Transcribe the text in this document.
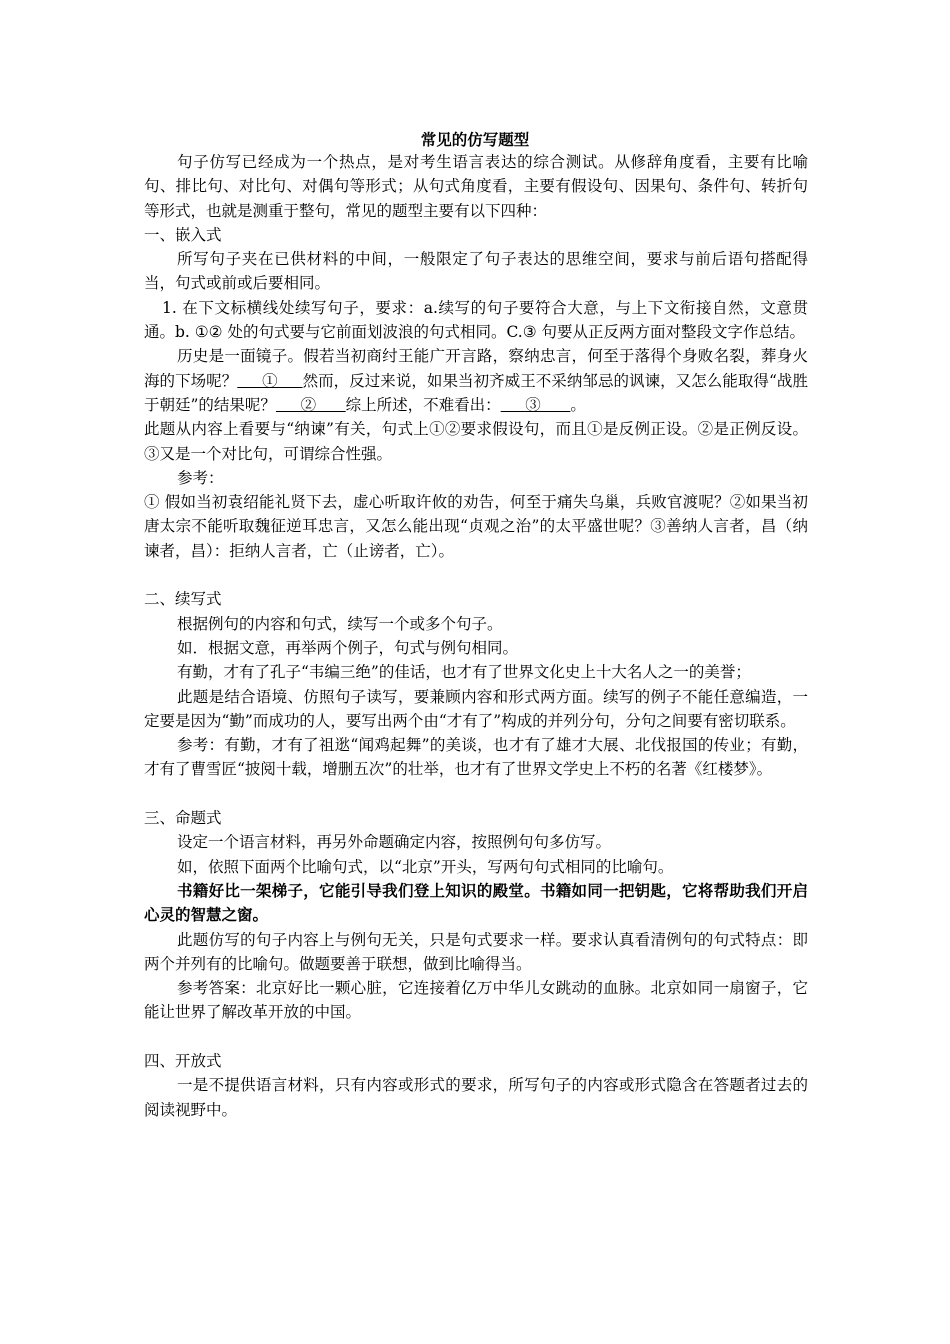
常见的仿写题型

句子仿写已经成为一个热点，是对考生语言表达的综合测试。从修辞角度看，主要有比喻句、排比句、对比句、对偶句等形式；从句式角度看，主要有假设句、因果句、条件句、转折句等形式，也就是测重于整句，常见的题型主要有以下四种：

一、嵌入式

所写句子夹在已供材料的中间，一般限定了句子表达的思维空间，要求与前后语句搭配得当，句式或前或后要相同。

1. 在下文标横线处续写句子，要求：a.续写的句子要符合大意，与上下文衔接自然，文意贯通。b. ①② 处的句式要与它前面划波浪的句式相同。C.③ 句要从正反两方面对整段文字作总结。

历史是一面镜子。假若当初商纣王能广开言路，察纳忠言，何至于落得个身败名裂，葬身火海的下场呢？     ①     然而，反过来说，如果当初齐威王不采纳邹忌的讽谏，又怎么能取得“战胜于朝廷”的结果呢？     ②      综上所述，不难看出：     ③      。

此题从内容上看要与“纳谏”有关，句式上①②要求假设句，而且①是反例正设。②是正例反设。③又是一个对比句，可谓综合性强。

参考：

① 假如当初袁绍能礼贤下去，虚心听取许攸的劝告，何至于痛失乌巢，兵败官渡呢？②如果当初唐太宗不能听取魏征逆耳忠言，又怎么能出现“贞观之治”的太平盛世呢？③善纳人言者，昌（纳谏者，昌）：拒纳人言者，亡（止谤者，亡）。

二、续写式

根据例句的内容和句式，续写一个或多个句子。

如．根据文意，再举两个例子，句式与例句相同。

有勤，才有了孔子“韦编三绝”的佳话，也才有了世界文化史上十大名人之一的美誉；

此题是结合语境、仿照句子读写，要兼顾内容和形式两方面。续写的例子不能任意编造，一定要是因为“勤”而成功的人，要写出两个由“才有了”构成的并列分句，分句之间要有密切联系。

参考：有勤，才有了祖逖“闻鸡起舞”的美谈，也才有了雄才大展、北伐报国的传业；有勤，才有了曹雪匠“披阅十载，增删五次”的壮举，也才有了世界文学史上不朽的名著《红楼梦》。

三、命题式

设定一个语言材料，再另外命题确定内容，按照例句句多仿写。

如，依照下面两个比喻句式，以“北京”开头，写两句句式相同的比喻句。

书籍好比一架梯子，它能引导我们登上知识的殿堂。书籍如同一把钥匙，它将帮助我们开启心灵的智慧之窗。

此题仿写的句子内容上与例句无关，只是句式要求一样。要求认真看清例句的句式特点：即两个并列有的比喻句。做题要善于联想，做到比喻得当。

参考答案：北京好比一颗心脏，它连接着亿万中华儿女跳动的血脉。北京如同一扇窗子，它能让世界了解改革开放的中国。

四、开放式

一是不提供语言材料，只有内容或形式的要求，所写句子的内容或形式隐含在答题者过去的阅读视野中。
